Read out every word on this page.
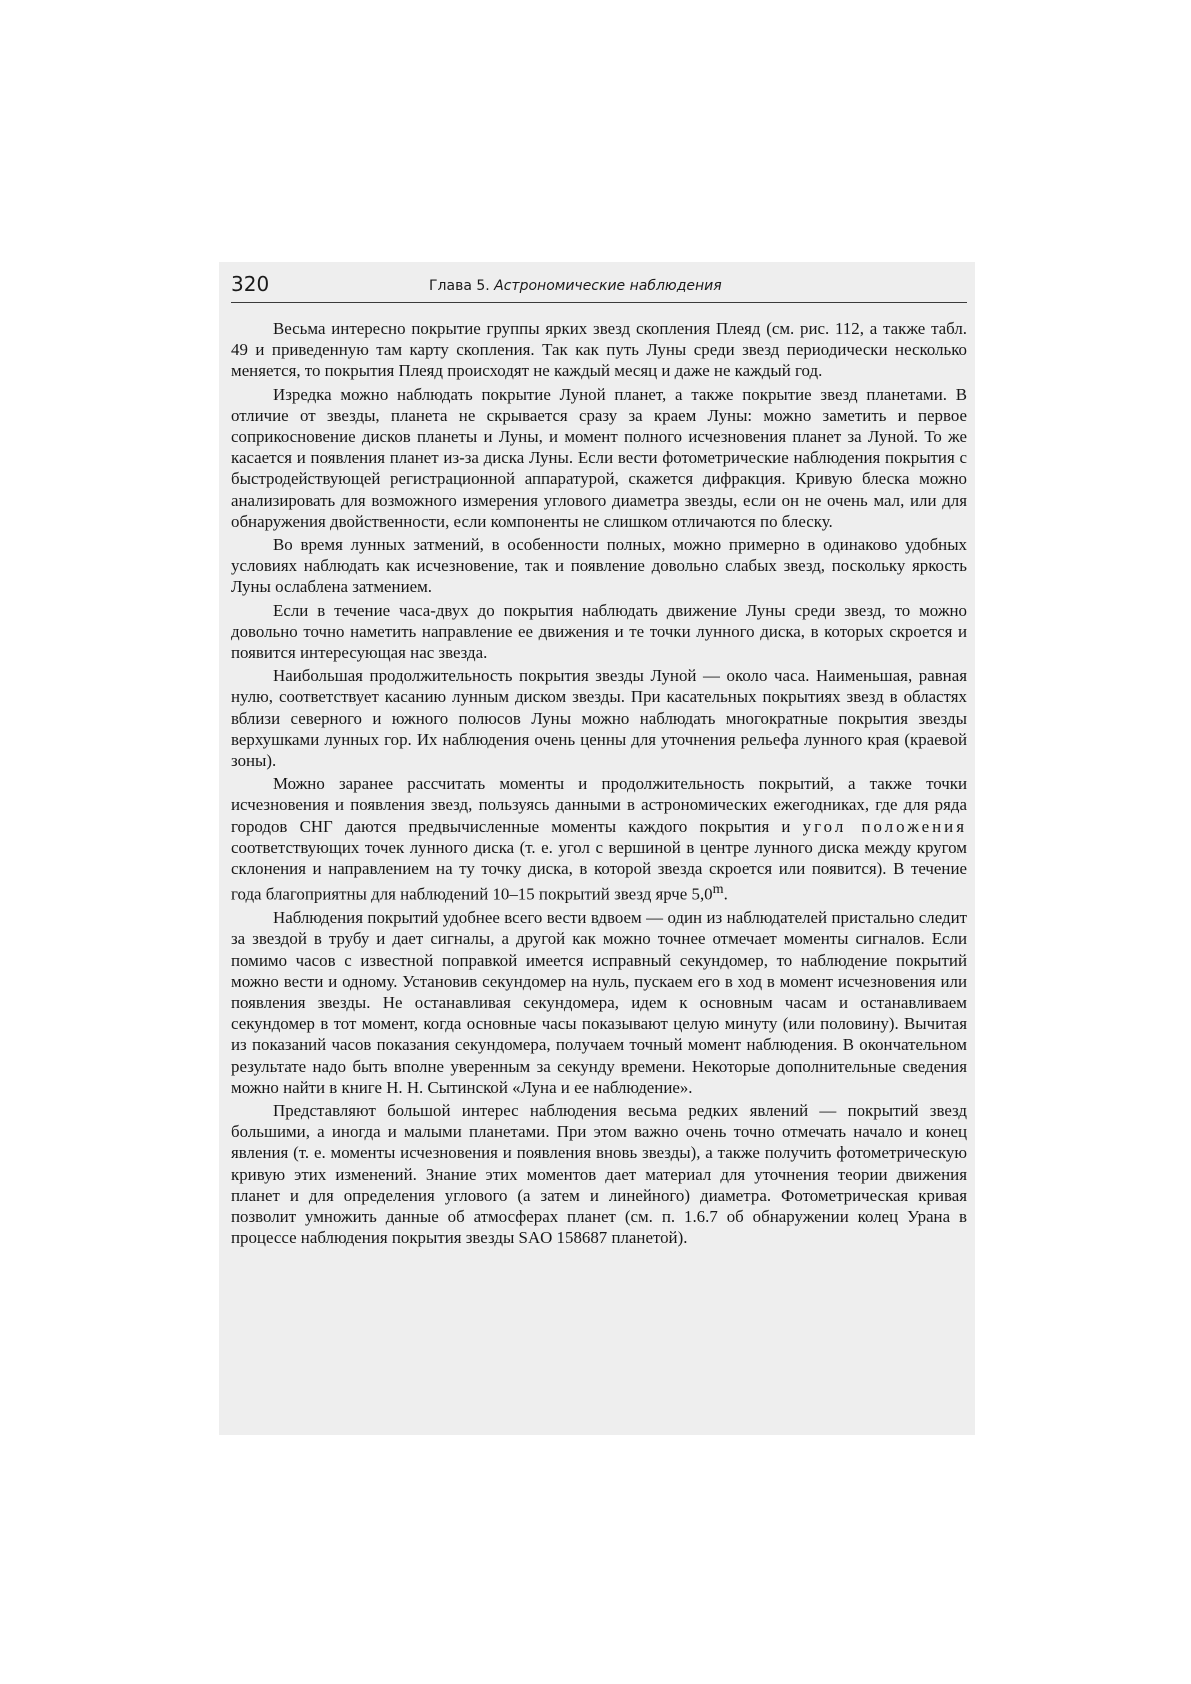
320	Глава 5. Астрономические наблюдения

Весьма интересно покрытие группы ярких звезд скопления Плеяд (см. рис. 112, а также табл. 49 и приведенную там карту скопления. Так как путь Луны среди звезд периодически несколько меняется, то покрытия Плеяд происходят не каждый месяц и даже не каждый год.

Изредка можно наблюдать покрытие Луной планет, а также покрытие звезд планетами. В отличие от звезды, планета не скрывается сразу за краем Луны: можно заметить и первое соприкосновение дисков планеты и Луны, и момент полного исчезновения планет за Луной. То же касается и появления планет из-за диска Луны. Если вести фотометрические наблюдения покрытия с быстродействующей регистрационной аппаратурой, скажется дифракция. Кривую блеска можно анализировать для возможного измерения углового диаметра звезды, если он не очень мал, или для обнаружения двойственности, если компоненты не слишком отличаются по блеску.

Во время лунных затмений, в особенности полных, можно примерно в одинаково удобных условиях наблюдать как исчезновение, так и появление довольно слабых звезд, поскольку яркость Луны ослаблена затмением.

Если в течение часа-двух до покрытия наблюдать движение Луны среди звезд, то можно довольно точно наметить направление ее движения и те точки лунного диска, в которых скроется и появится интересующая нас звезда.

Наибольшая продолжительность покрытия звезды Луной — около часа. Наименьшая, равная нулю, соответствует касанию лунным диском звезды. При касательных покрытиях звезд в областях вблизи северного и южного полюсов Луны можно наблюдать многократные покрытия звезды верхушками лунных гор. Их наблюдения очень ценны для уточнения рельефа лунного края (краевой зоны).

Можно заранее рассчитать моменты и продолжительность покрытий, а также точки исчезновения и появления звезд, пользуясь данными в астрономических ежегодниках, где для ряда городов СНГ даются предвычисленные моменты каждого покрытия и угол положения соответствующих точек лунного диска (т. е. угол с вершиной в центре лунного диска между кругом склонения и направлением на ту точку диска, в которой звезда скроется или появится). В течение года благоприятны для наблюдений 10–15 покрытий звезд ярче 5,0$^m$.

Наблюдения покрытий удобнее всего вести вдвоем — один из наблюдателей пристально следит за звездой в трубу и дает сигналы, а другой как можно точнее отмечает моменты сигналов. Если помимо часов с известной поправкой имеется исправный секундомер, то наблюдение покрытий можно вести и одному. Установив секундомер на нуль, пускаем его в ход в момент исчезновения или появления звезды. Не останавливая секундомера, идем к основным часам и останавливаем секундомер в тот момент, когда основные часы показывают целую минуту (или половину). Вычитая из показаний часов показания секундомера, получаем точный момент наблюдения. В окончательном результате надо быть вполне уверенным за секунду времени. Некоторые дополнительные сведения можно найти в книге Н. Н. Сытинской «Луна и ее наблюдение».

Представляют большой интерес наблюдения весьма редких явлений — покрытий звезд большими, а иногда и малыми планетами. При этом важно очень точно отмечать начало и конец явления (т. е. моменты исчезновения и появления вновь звезды), а также получить фотометрическую кривую этих изменений. Знание этих моментов дает материал для уточнения теории движения планет и для определения углового (а затем и линейного) диаметра. Фотометрическая кривая позволит умножить данные об атмосферах планет (см. п. 1.6.7 об обнаружении колец Урана в процессе наблюдения покрытия звезды SAO 158687 планетой).
